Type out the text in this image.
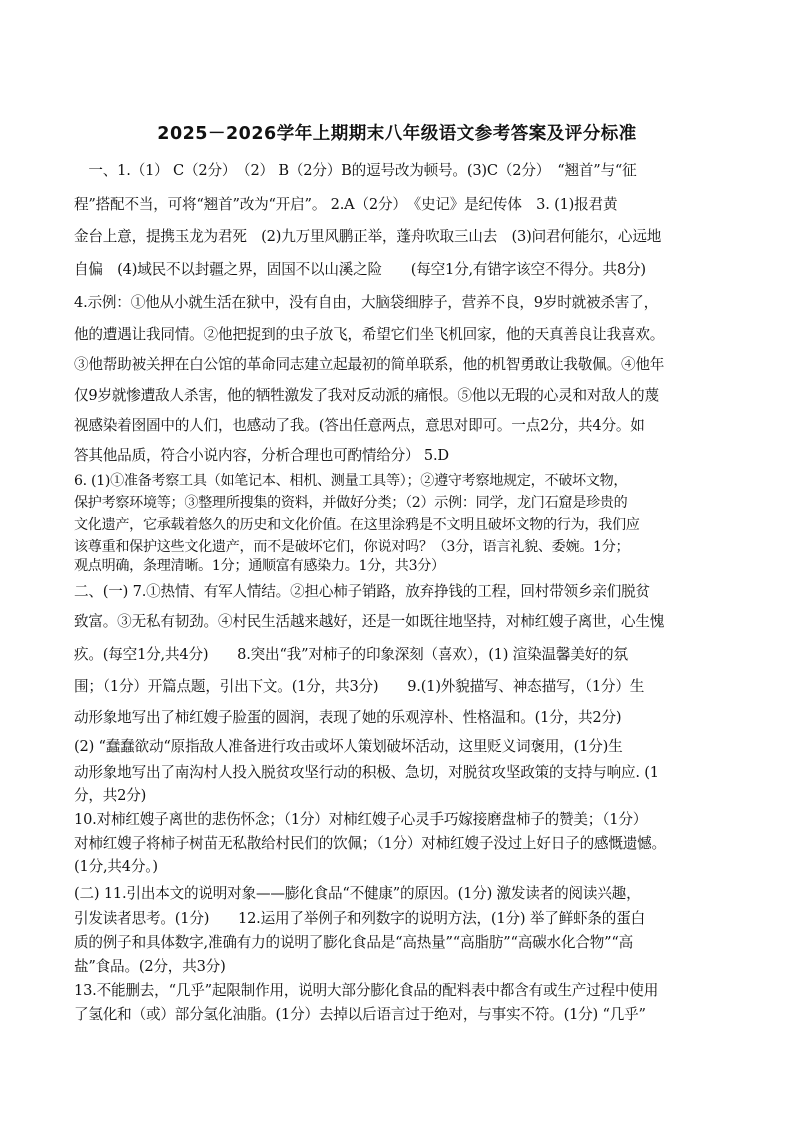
2025－2026学年上期期末八年级语文参考答案及评分标准

　一、1.（1） C（2分）　（2） B（2分）B的逗号改为顿号。(3)C（2分）　“翘首”与“征

程”搭配不当，可将“翘首”改为“开启”。 2.A（2分）　《史记》是纪传体　3. (1)报君黄

金台上意，提携玉龙为君死　(2)九万里风鹏正举，蓬舟吹取三山去　(3)问君何能尔，心远地

自偏　(4)域民不以封疆之界，固国不以山溪之险　　(每空1分,有错字该空不得分。共8分)

4.示例：①他从小就生活在狱中，没有自由，大脑袋细脖子，营养不良，9岁时就被杀害了，

他的遭遇让我同情。②他把捉到的虫子放飞，希望它们坐飞机回家，他的天真善良让我喜欢。

③他帮助被关押在白公馆的革命同志建立起最初的简单联系，他的机智勇敢让我敬佩。④他年

仅9岁就惨遭敌人杀害，他的牺牲激发了我对反动派的痛恨。⑤他以无瑕的心灵和对敌人的蔑

视感染着囹圄中的人们，也感动了我。(答出任意两点，意思对即可。一点2分，共4分。如

答其他品质，符合小说内容，分析合理也可酌情给分） 5.D

6. (1)①准备考察工具（如笔记本、相机、测量工具等）；②遵守考察地规定，不破坏文物，

保护考察环境等；③整理所搜集的资料，并做好分类；（2）示例：同学，龙门石窟是珍贵的

文化遗产，它承载着悠久的历史和文化价值。在这里涂鸦是不文明且破坏文物的行为，我们应

该尊重和保护这些文化遗产，而不是破坏它们，你说对吗？（3分，语言礼貌、委婉。1分；

观点明确，条理清晰。1分；通顺富有感染力。1分，共3分）

二、(一) 7.①热情、有军人情结。②担心柿子销路，放弃挣钱的工程，回村带领乡亲们脱贫

致富。③无私有韧劲。④村民生活越来越好，还是一如既往地坚持，对柿红嫂子离世，心生愧

疚。(每空1分,共4分)　　8.突出“我”对柿子的印象深刻（喜欢），(1) 渲染温馨美好的氛

围；（1分）开篇点题，引出下文。(1分，共3分)　　9.(1)外貌描写、神态描写，（1分）生

动形象地写出了柿红嫂子脸蛋的圆润，表现了她的乐观淳朴、性格温和。(1分，共2分)

(2) “蠢蠢欲动“原指敌人准备进行攻击或坏人策划破坏活动，这里贬义词褒用，(1分)生

动形象地写出了南沟村人投入脱贫攻坚行动的积极、急切，对脱贫攻坚政策的支持与响应. (1

分，共2分)

10.对柿红嫂子离世的悲伤怀念；（1分）对柿红嫂子心灵手巧嫁接磨盘柿子的赞美；（1分）

对柿红嫂子将柿子树苗无私散给村民们的饮佩；（1分）对柿红嫂子没过上好日子的感慨遗憾。

(1分,共4分。)

(二) 11.引出本文的说明对象——膨化食品“不健康”的原因。(1分) 激发读者的阅读兴趣，

引发读者思考。(1分)　　12.运用了举例子和列数字的说明方法，(1分) 举了鲜虾条的蛋白

质的例子和具体数字,准确有力的说明了膨化食品是“高热量”“高脂肪”“高碳水化合物”“高

盐”食品。(2分，共3分)

13.不能删去，“几乎”起限制作用，说明大部分膨化食品的配料表中都含有或生产过程中使用

了氢化和（或）部分氢化油脂。(1分）去掉以后语言过于绝对，与事实不符。(1分) “几乎”
